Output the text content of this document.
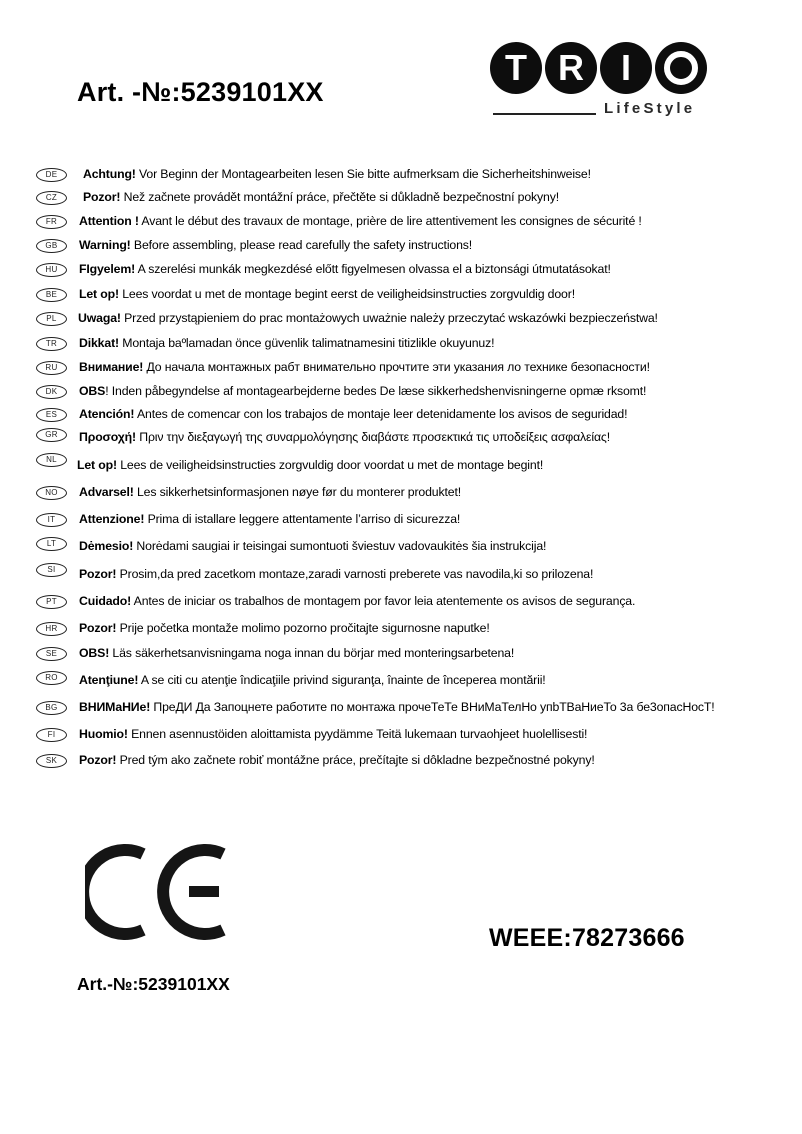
Art. -№:5239101XX
T R	I
LifeStyle
DE	Achtung! Vor Beginn der Montagearbeiten lesen Sie bitte aufmerksam die Sicherheitshinweise!
CZ	Pozor! Než začnete provádět montážní práce, přečtěte si důkladně bezpečnostní pokyny!
FR	Attention ! Avant le début des travaux de montage, prière de lire attentivement les consignes de sécurité !
GB	Warning! Before assembling, please read carefully the safety instructions!
HU	FIgyelem! A szerelési munkák megkezdésé előtt figyelmesen olvassa el a biztonsági útmutatásokat!
BE	Let op! Lees voordat u met de montage begint eerst de veiligheidsinstructies zorgvuldig door!
PL	Uwaga! Przed przystąpieniem do prac montażowych uważnie należy przeczytać wskazówki bezpieczeństwa!
TR	Dikkat! Montaja baºlamadan önce güvenlik talimatnamesini titizlikle okuyunuz!
RU	Внимание! До начала монтажных рабт внимательно прочтите эти указания ло технике безопасности!
DK	OBS! Inden påbegyndelse af montagearbejderne bedes De læse sikkerhedshenvisningerne opmæ rksomt!
ES	Atención! Antes de comencar con los trabajos de montaje leer detenidamente los avisos de seguridad!
GR	Προσοχή! Πριν την διεξαγωγή της συναρμολόγησης διαβάστε προσεκτικά τις υποδείξεις ασφαλείας!
NL	Let op! Lees de veiligheidsinstructies zorgvuldig door voordat u met de montage begint!
NO	Advarsel! Les sikkerhetsinformasjonen nøye før du monterer produktet!
IT	Attenzione! Prima di istallare leggere attentamente l’arriso di sicurezza!
LT	Dėmesio! Norėdami saugiai ir teisingai sumontuoti šviestuv vadovaukitės šia instrukcija!
SI	Pozor! Prosim,da pred zacetkom montaze,zaradi varnosti preberete vas navodila,ki so prilozena!
PT	Cuidado! Antes de iniciar os trabalhos de montagem por favor leia atentemente os avisos de segurança.
HR	Pozor! Prije početka montaže molimo pozorno pročitajte sigurnosne naputke!
SE	OBS! Läs säkerhetsanvisningama noga innan du börjar med monteringsarbetena!
RO	Atenţiune! A se citi cu atenţie îndicaţiile privind siguranţa, înainte de începerea montării!
BG	ВНИМаНИе! ПреДИ Да Запоцнете работите по монтажа прочеТеТе ВНиМаТелНо упbТВаНиеТо 3а бе3опасНосТ!
FI	Huomio! Ennen asennustöiden aloittamista pyydämme Teitä lukemaan turvaohjeet huolellisesti!
SK	Pozor! Pred tým ako začnete robiť montážne práce, prečítajte si dôkladne bezpečnostné pokyny!
Art.-№:5239101XX
WEEE:78273666
